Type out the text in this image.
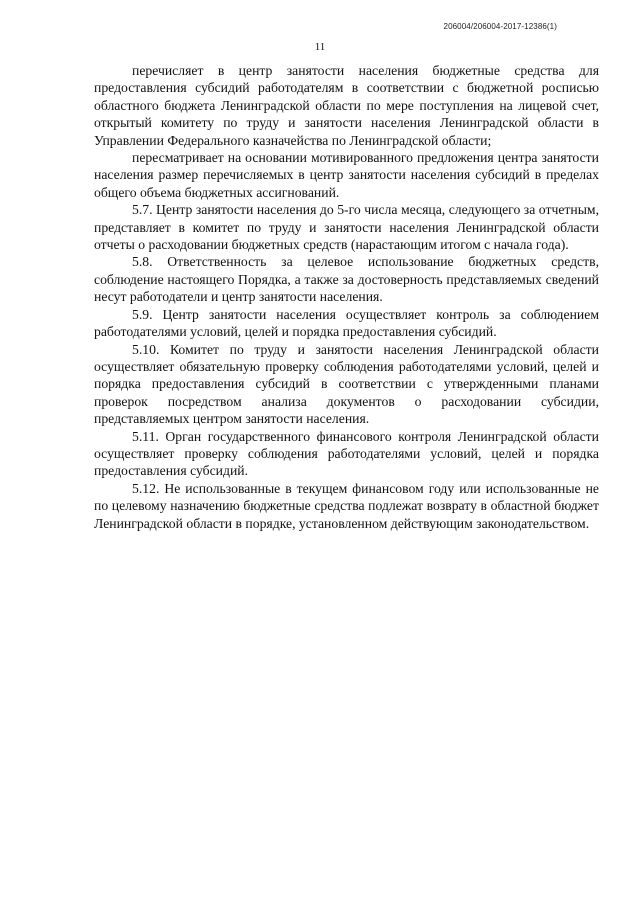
206004/206004-2017-12386(1)
11

перечисляет в центр занятости населения бюджетные средства для предоставления субсидий работодателям в соответствии с бюджетной росписью областного бюджета Ленинградской области по мере поступления на лицевой счет, открытый комитету по труду и занятости населения Ленинградской области в Управлении Федерального казначейства по Ленинградской области;

пересматривает на основании мотивированного предложения центра занятости населения размер перечисляемых в центр занятости населения субсидий в пределах общего объема бюджетных ассигнований.

5.7. Центр занятости населения до 5-го числа месяца, следующего за отчетным, представляет в комитет по труду и занятости населения Ленинградской области отчеты о расходовании бюджетных средств (нарастающим итогом с начала года).

5.8. Ответственность за целевое использование бюджетных средств, соблюдение настоящего Порядка, а также за достоверность представляемых сведений несут работодатели и центр занятости населения.

5.9. Центр занятости населения осуществляет контроль за соблюдением работодателями условий, целей и порядка предоставления субсидий.

5.10. Комитет по труду и занятости населения Ленинградской области осуществляет обязательную проверку соблюдения работодателями условий, целей и порядка предоставления субсидий в соответствии с утвержденными планами проверок посредством анализа документов о расходовании субсидии, представляемых центром занятости населения.

5.11. Орган государственного финансового контроля Ленинградской области осуществляет проверку соблюдения работодателями условий, целей и порядка предоставления субсидий.

5.12. Не использованные в текущем финансовом году или использованные не по целевому назначению бюджетные средства подлежат возврату в областной бюджет Ленинградской области в порядке, установленном действующим законодательством.
